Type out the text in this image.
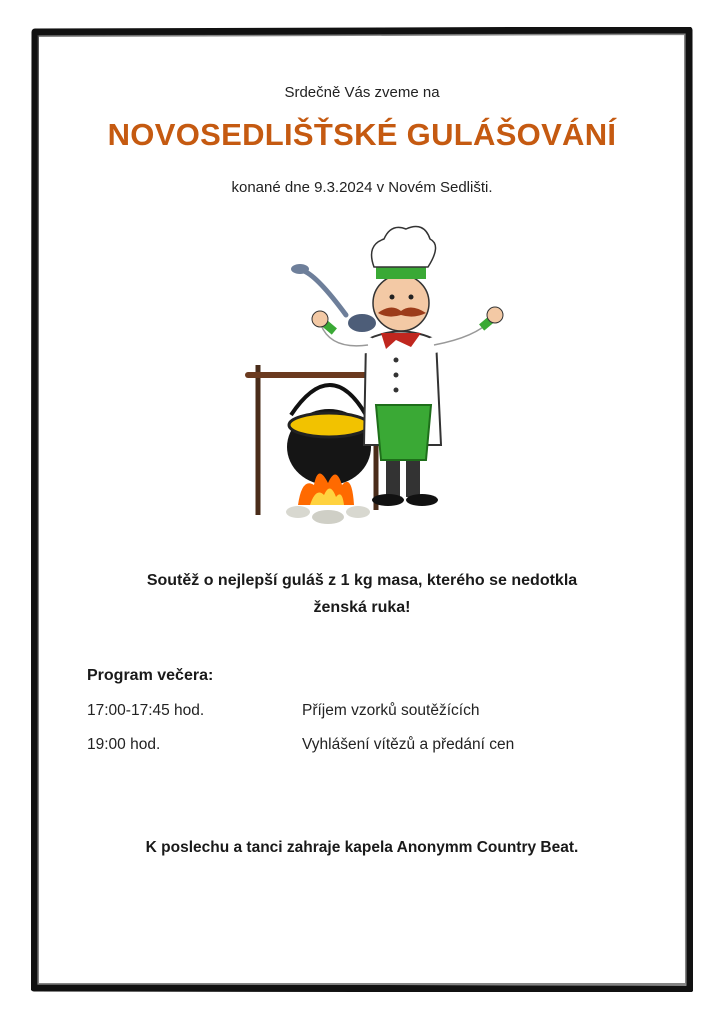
Srdečně Vás zveme na
NOVOSEDLIŠŤSKÉ GULÁŠOVÁNÍ
konané dne 9.3.2024 v Novém Sedlišti.
Soutěž o nejlepší guláš z 1 kg masa, kterého se nedotkla
ženská ruka!
Program večera:
17:00-17:45 hod.	Příjem vzorků soutěžících
19:00 hod.	Vyhlášení vítězů a předání cen
K poslechu a tanci zahraje kapela Anonymm Country Beat.
